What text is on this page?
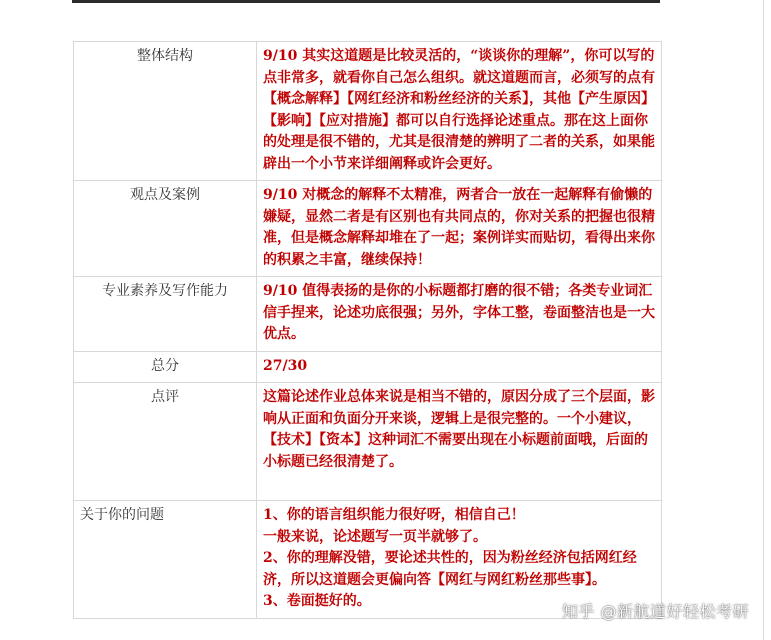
整体结构	9/10 其实这道题是比较灵活的，“谈谈你的理解”，你可以写的点非常多，就看你自己怎么组织。就这道题而言，必须写的点有【概念解释】【网红经济和粉丝经济的关系】，其他【产生原因】【影响】【应对措施】都可以自行选择论述重点。那在这上面你的处理是很不错的，尤其是很清楚的辨明了二者的关系，如果能辟出一个小节来详细阐释或许会更好。
观点及案例	9/10 对概念的解释不太精准，两者合一放在一起解释有偷懒的嫌疑，显然二者是有区别也有共同点的，你对关系的把握也很精准，但是概念解释却堆在了一起；案例详实而贴切，看得出来你的积累之丰富，继续保持！
专业素养及写作能力	9/10 值得表扬的是你的小标题都打磨的很不错；各类专业词汇信手捏来，论述功底很强；另外，字体工整，卷面整洁也是一大优点。
总分	27/30
点评	这篇论述作业总体来说是相当不错的，原因分成了三个层面，影响从正面和负面分开来谈，逻辑上是很完整的。一个小建议，【技术】【资本】这种词汇不需要出现在小标题前面哦，后面的小标题已经很清楚了。
关于你的问题	1、你的语言组织能力很好呀，相信自己！
一般来说，论述题写一页半就够了。
2、你的理解没错，要论述共性的，因为粉丝经济包括网红经济，所以这道题会更偏向答【网红与网红粉丝那些事】。
3、卷面挺好的。
知乎 @新航道好轻松考研
